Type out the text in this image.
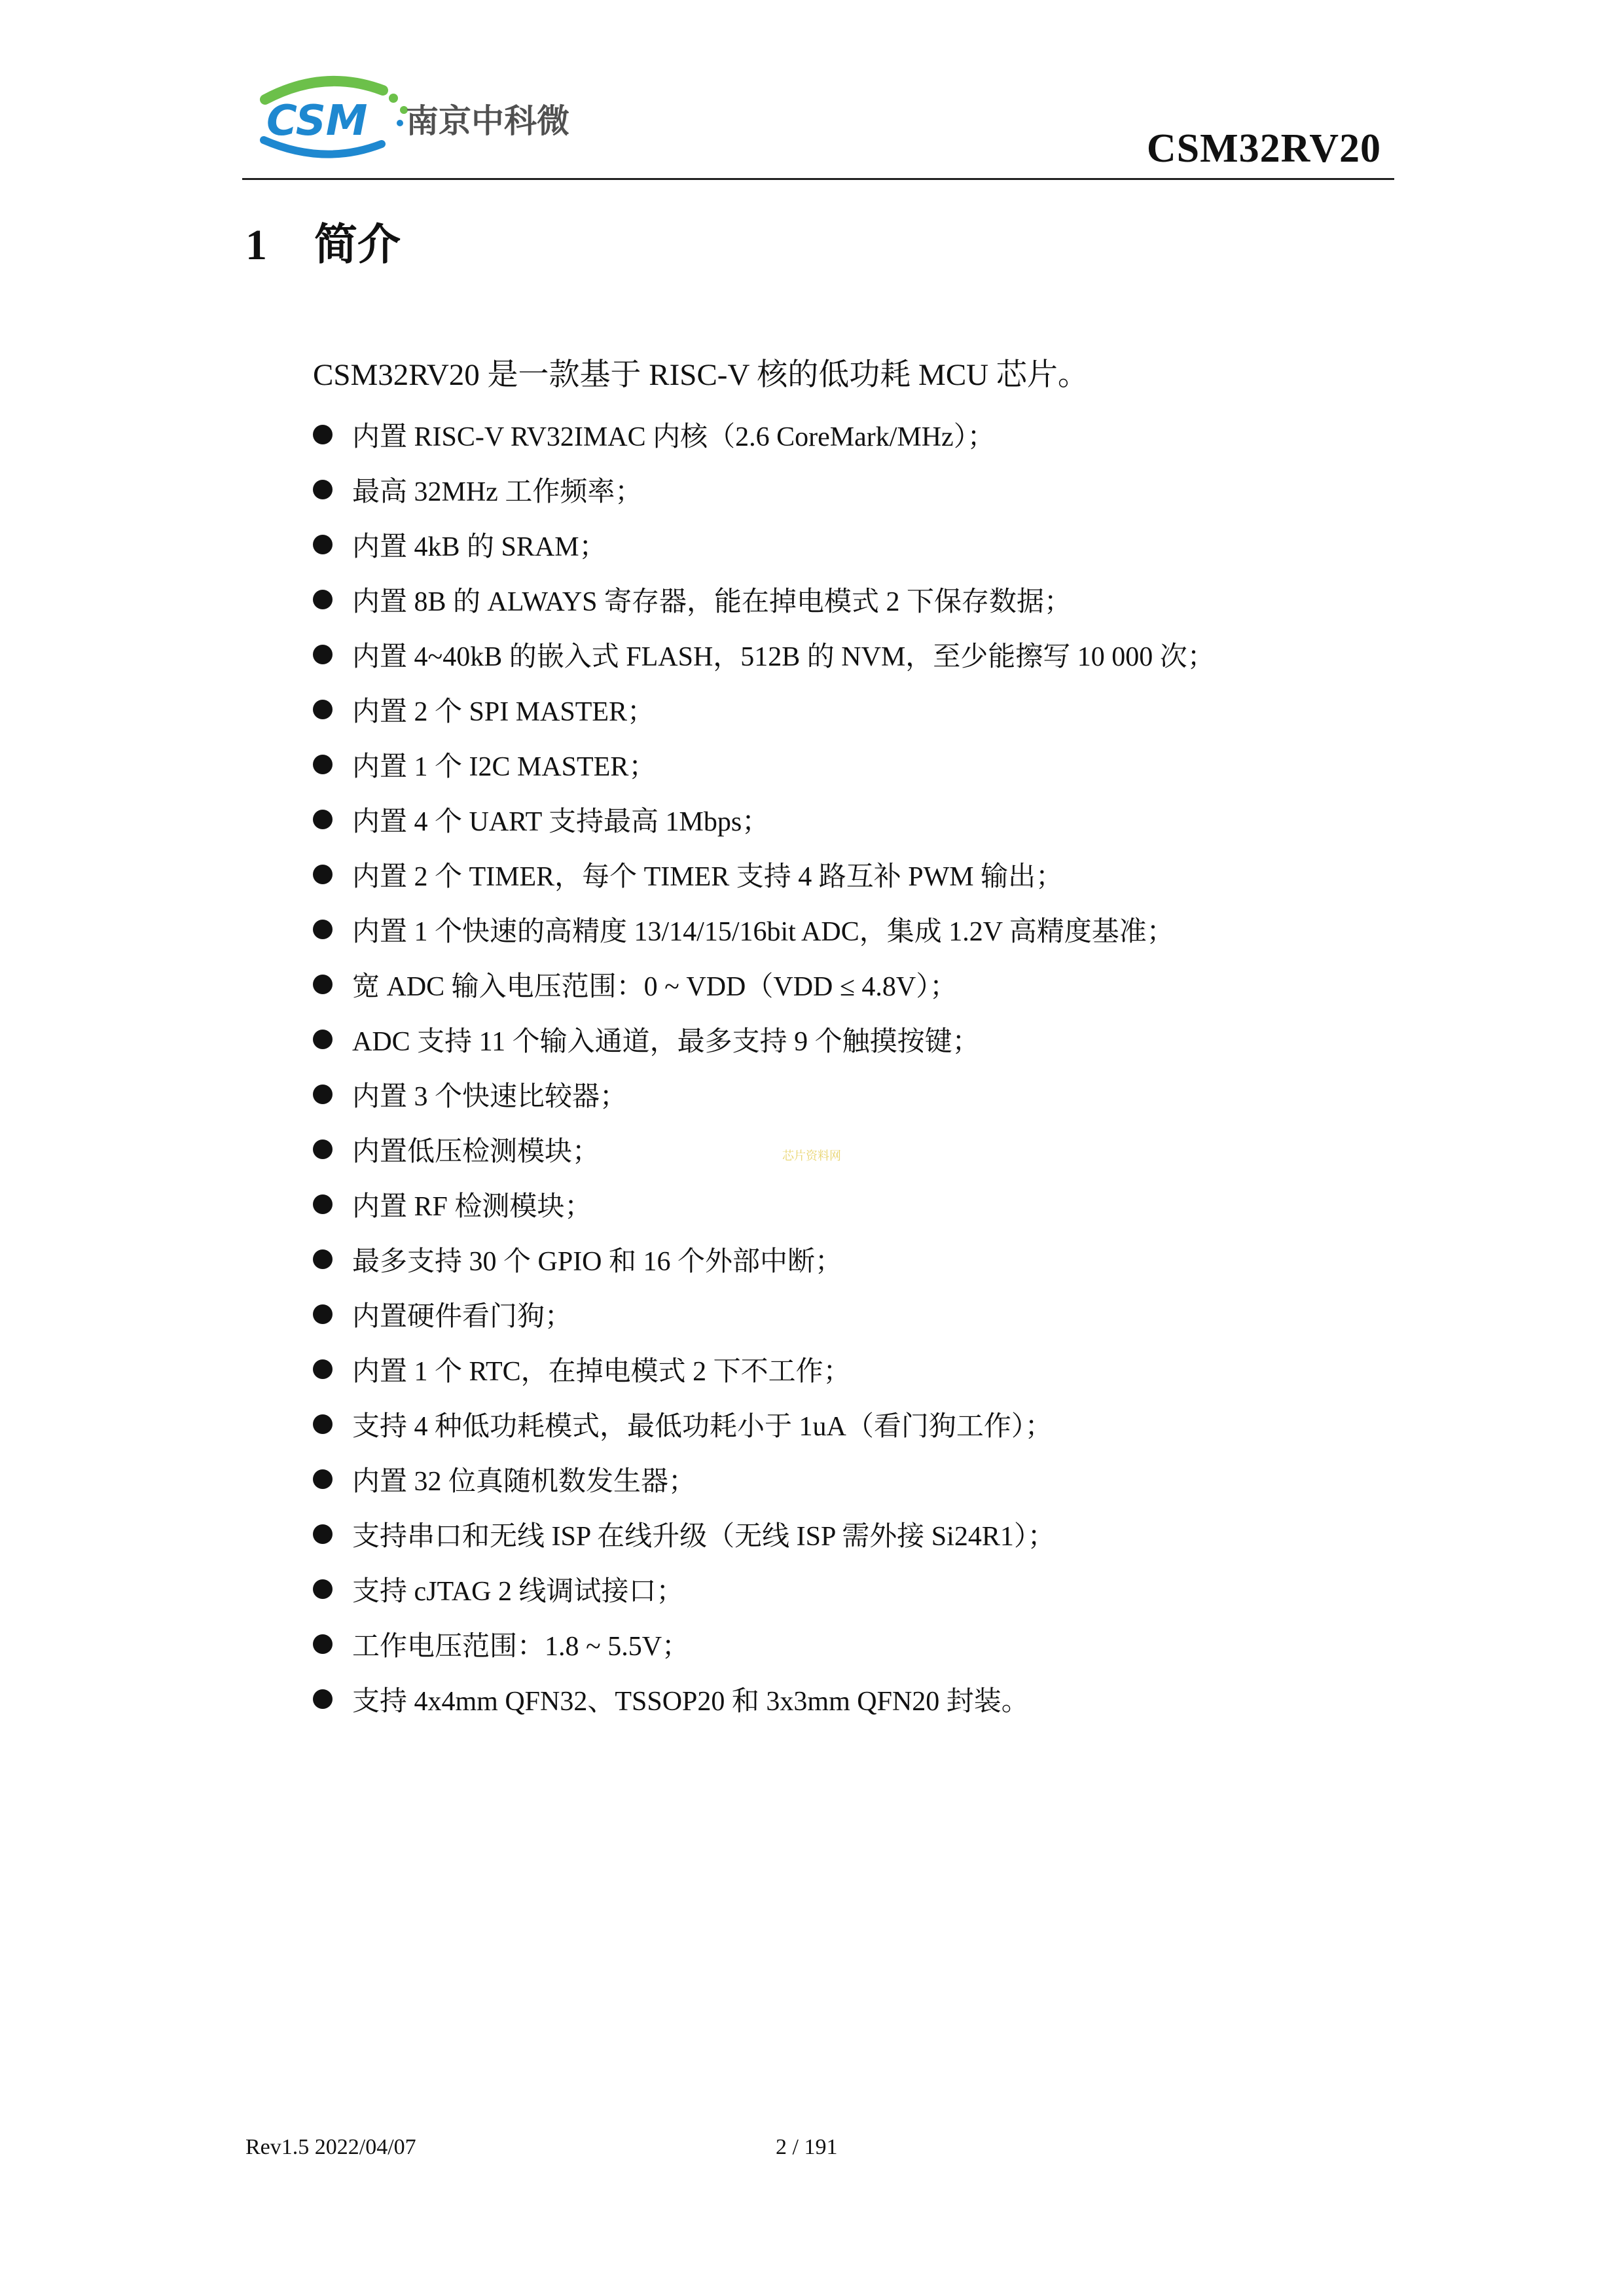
CSM 南京中科微
CSM32RV20
1 简介
CSM32RV20 是一款基于 RISC-V 核的低功耗 MCU 芯片。
内置 RISC-V RV32IMAC 内核（2.6 CoreMark/MHz）；
最高 32MHz 工作频率；
内置 4kB 的 SRAM；
内置 8B 的 ALWAYS 寄存器，能在掉电模式 2 下保存数据；
内置 4~40kB 的嵌入式 FLASH，512B 的 NVM，至少能擦写 10 000 次；
内置 2 个 SPI MASTER；
内置 1 个 I2C MASTER；
内置 4 个 UART 支持最高 1Mbps；
内置 2 个 TIMER，每个 TIMER 支持 4 路互补 PWM 输出；
内置 1 个快速的高精度 13/14/15/16bit ADC，集成 1.2V 高精度基准；
宽 ADC 输入电压范围：0 ~ VDD（VDD ≤ 4.8V）；
ADC 支持 11 个输入通道，最多支持 9 个触摸按键；
内置 3 个快速比较器；
内置低压检测模块；
内置 RF 检测模块；
最多支持 30 个 GPIO 和 16 个外部中断；
内置硬件看门狗；
内置 1 个 RTC，在掉电模式 2 下不工作；
支持 4 种低功耗模式，最低功耗小于 1uA（看门狗工作）；
内置 32 位真随机数发生器；
支持串口和无线 ISP 在线升级（无线 ISP 需外接 Si24R1）；
支持 cJTAG 2 线调试接口；
工作电压范围：1.8 ~ 5.5V；
支持 4x4mm QFN32、TSSOP20 和 3x3mm QFN20 封装。
芯片资料网
Rev1.5 2022/04/07	2 / 191
